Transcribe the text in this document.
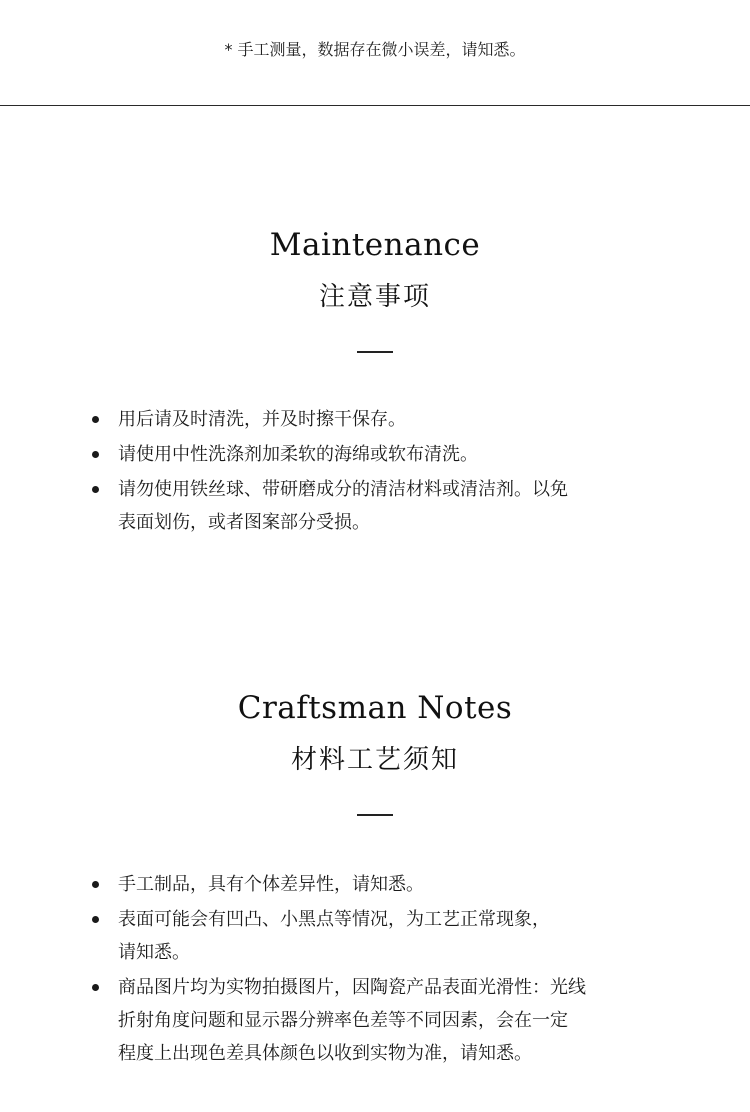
* 手工测量，数据存在微小误差，请知悉。
Maintenance
注意事项
用后请及时清洗，并及时擦干保存。
请使用中性洗涤剂加柔软的海绵或软布清洗。
请勿使用铁丝球、带研磨成分的清洁材料或清洁剂。以免
表面划伤，或者图案部分受损。
Craftsman Notes
材料工艺须知
手工制品，具有个体差异性，请知悉。
表面可能会有凹凸、小黑点等情况，为工艺正常现象，
请知悉。
商品图片均为实物拍摄图片，因陶瓷产品表面光滑性：光线
折射角度问题和显示器分辨率色差等不同因素，会在一定
程度上出现色差具体颜色以收到实物为准，请知悉。
